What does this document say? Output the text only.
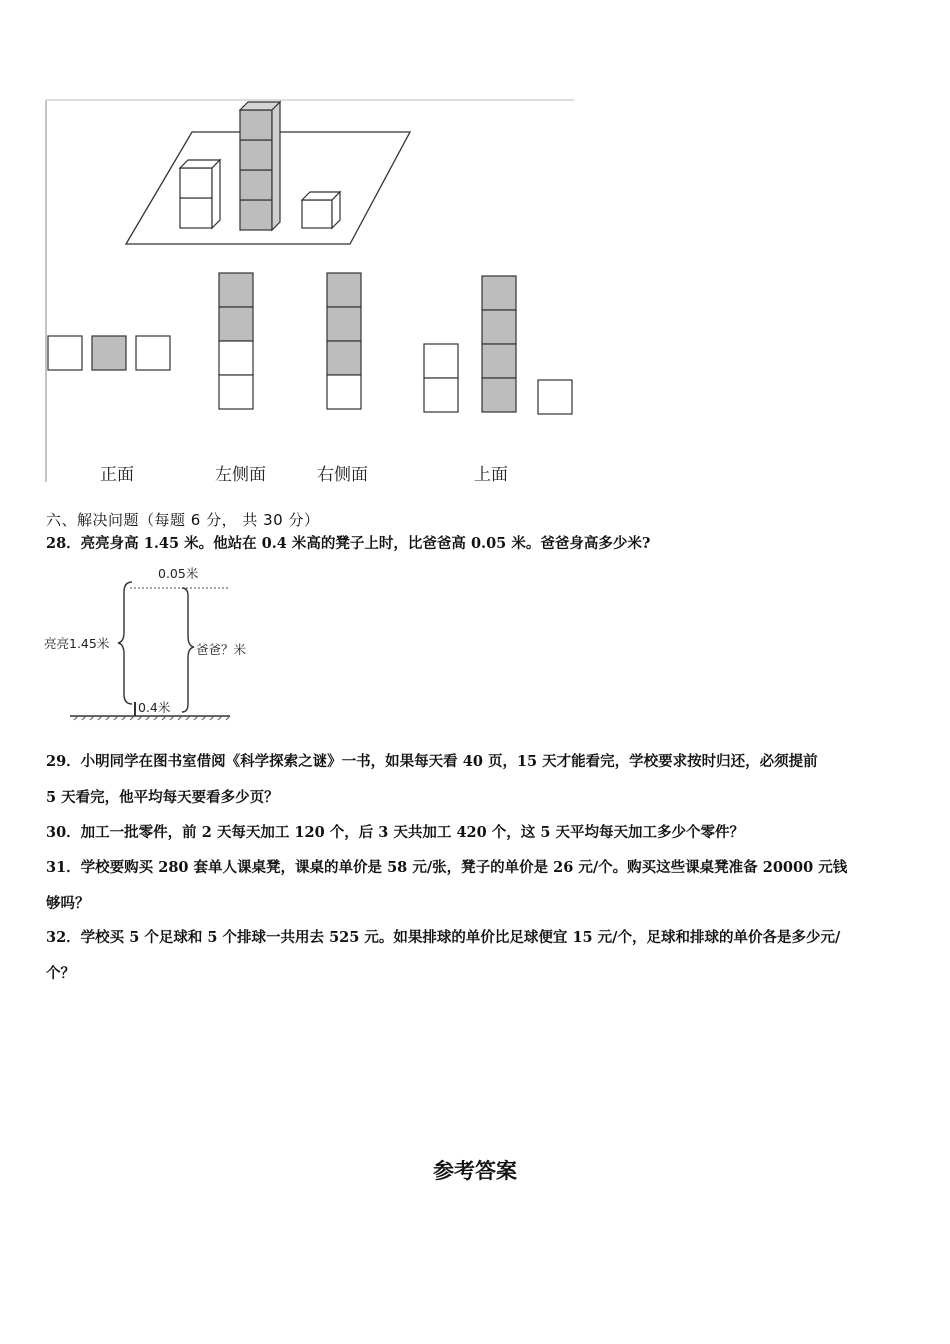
正面	左侧面	右侧面	上面
六、解决问题（每题 6 分， 共 30 分）
28．亮亮身高 1.45 米。他站在 0.4 米高的凳子上时，比爸爸高 0.05 米。爸爸身高多少米?
0.05米
亮亮1.45米	爸爸？米
0.4米
29．小明同学在图书室借阅《科学探索之谜》一书，如果每天看 40 页，15 天才能看完，学校要求按时归还，必须提前
5 天看完，他平均每天要看多少页？
30．加工一批零件，前 2 天每天加工 120 个，后 3 天共加工 420 个，这 5 天平均每天加工多少个零件？
31．学校要购买 280 套单人课桌凳，课桌的单价是 58 元/张，凳子的单价是 26 元/个。购买这些课桌凳准备 20000 元钱
够吗？
32．学校买 5 个足球和 5 个排球一共用去 525 元。如果排球的单价比足球便宜 15 元/个，足球和排球的单价各是多少元/
个？
参考答案
